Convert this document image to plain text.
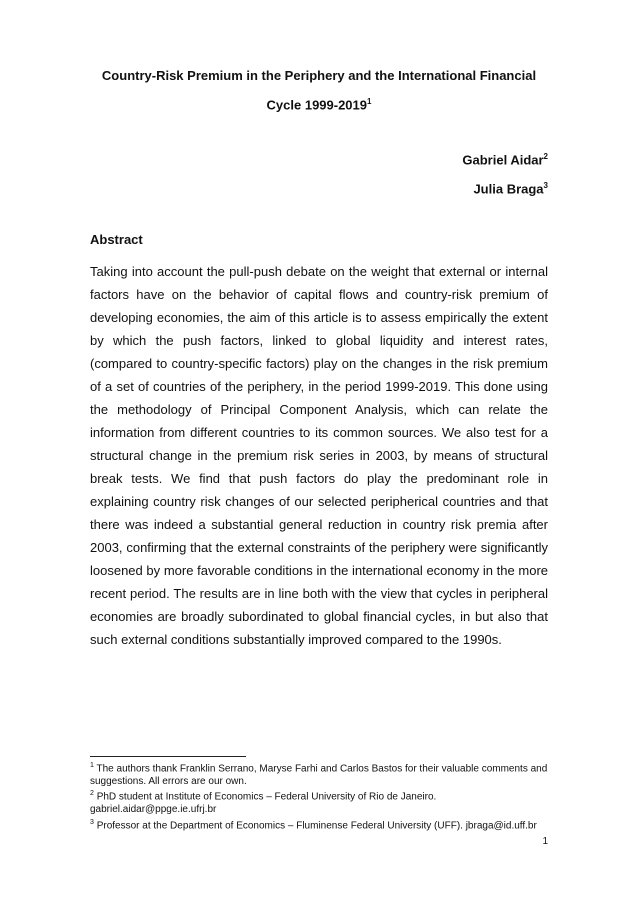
Country-Risk Premium in the Periphery and the International Financial Cycle 1999-2019$^1$
Gabriel Aidar$^2$
Julia Braga$^3$
Abstract

Taking into account the pull-push debate on the weight that external or internal factors have on the behavior of capital flows and country-risk premium of developing economies, the aim of this article is to assess empirically the extent by which the push factors, linked to global liquidity and interest rates, (compared to country-specific factors) play on the changes in the risk premium of a set of countries of the periphery, in the period 1999-2019. This done using the methodology of Principal Component Analysis, which can relate the information from different countries to its common sources. We also test for a structural change in the premium risk series in 2003, by means of structural break tests. We find that push factors do play the predominant role in explaining country risk changes of our selected peripherical countries and that there was indeed a substantial general reduction in country risk premia after 2003, confirming that the external constraints of the periphery were significantly loosened by more favorable conditions in the international economy in the more recent period. The results are in line both with the view that cycles in peripheral economies are broadly subordinated to global financial cycles, in but also that such external conditions substantially improved compared to the 1990s.

$^1$ The authors thank Franklin Serrano, Maryse Farhi and Carlos Bastos for their valuable comments and suggestions. All errors are our own.

$^2$ PhD student at Institute of Economics – Federal University of Rio de Janeiro. gabriel.aidar@ppge.ie.ufrj.br

$^3$ Professor at the Department of Economics – Fluminense Federal University (UFF). jbraga@id.uff.br

1
